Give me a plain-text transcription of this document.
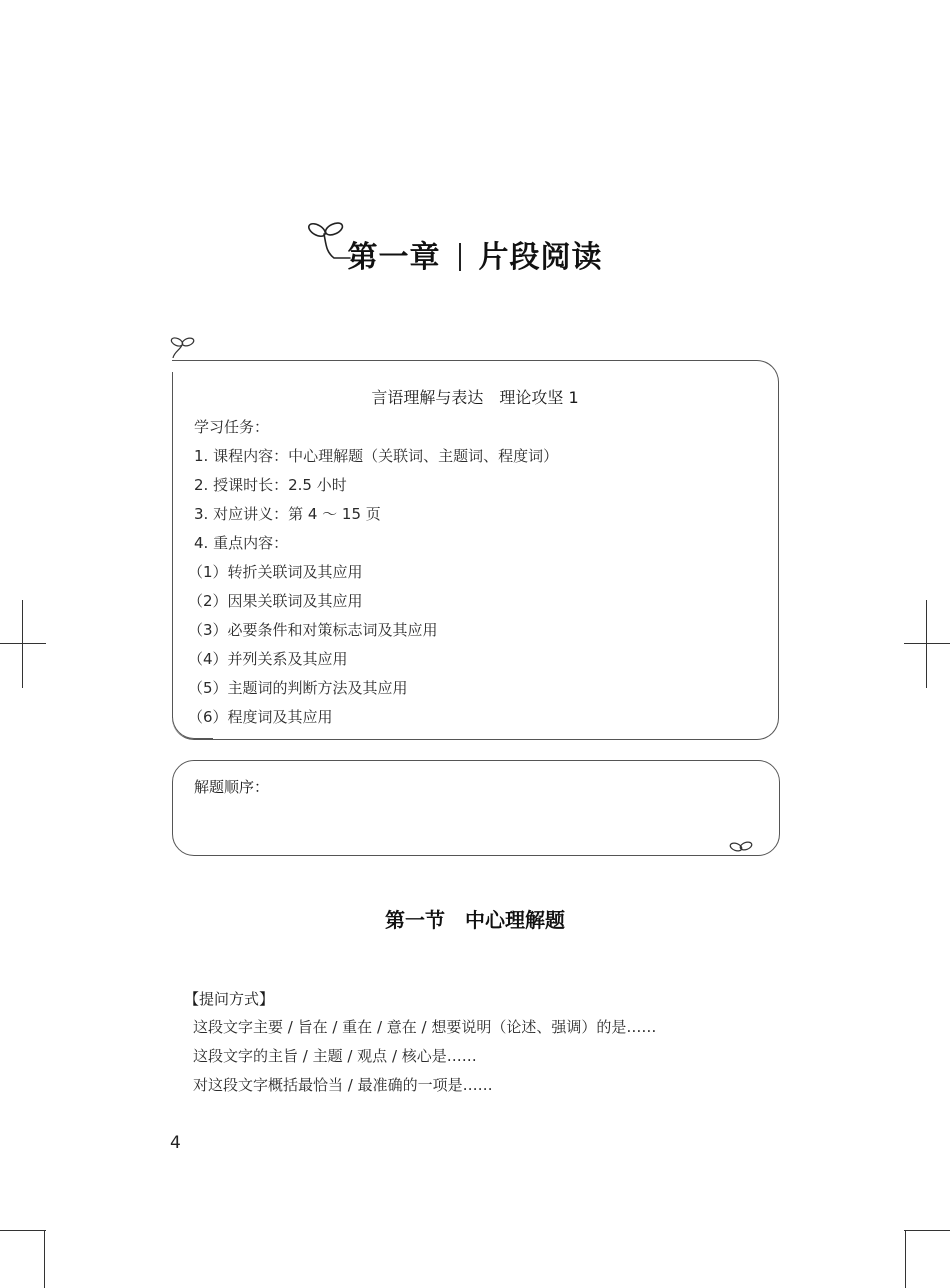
第一章 片段阅读
言语理解与表达　理论攻坚 1
学习任务：
1. 课程内容：中心理解题（关联词、主题词、程度词）
2. 授课时长：2.5 小时
3. 对应讲义：第 4 ～ 15 页
4. 重点内容：
（1）转折关联词及其应用
（2）因果关联词及其应用
（3）必要条件和对策标志词及其应用
（4）并列关系及其应用
（5）主题词的判断方法及其应用
（6）程度词及其应用
解题顺序：
第一节　中心理解题
【提问方式】
这段文字主要 / 旨在 / 重在 / 意在 / 想要说明（论述、强调）的是……
这段文字的主旨 / 主题 / 观点 / 核心是……
对这段文字概括最恰当 / 最准确的一项是……
4
